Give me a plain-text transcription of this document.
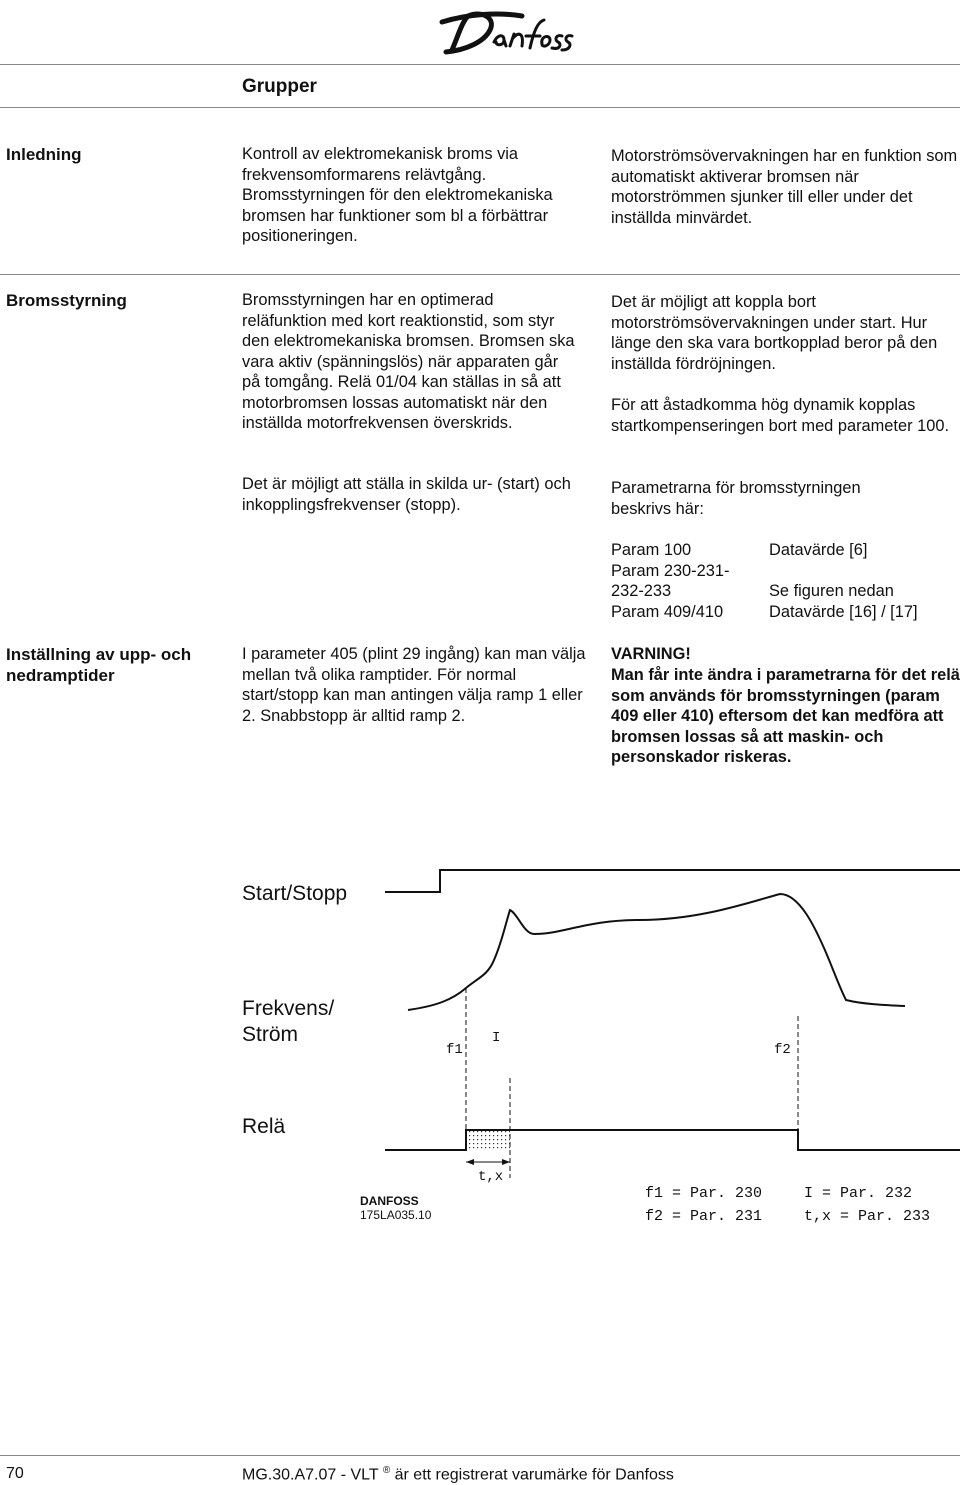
Grupper

Inledning	Kontroll av elektromekanisk broms via frekvensomformarens relävtgång. Bromsstyrningen för den elektromekaniska bromsen har funktioner som bl a förbättrar positioneringen.

Motorströmsövervakningen har en funktion som automatiskt aktiverar bromsen när motorströmmen sjunker till eller under det inställda minvärdet.

Bromsstyrning	Bromsstyrningen har en optimerad reläfunktion med kort reaktionstid, som styr den elektromekaniska bromsen. Bromsen ska vara aktiv (spänningslös) när apparaten går på tomgång. Relä 01/04 kan ställas in så att motorbromsen lossas automatiskt när den inställda motorfrekvensen överskrids.

Det är möjligt att ställa in skilda ur- (start) och inkopplingsfrekvenser (stopp).

Det är möjligt att koppla bort motorströmsövervakningen under start. Hur länge den ska vara bortkopplad beror på den inställda fördröjningen.

För att åstadkomma hög dynamik kopplas startkompenseringen bort med parameter 100.

Parametrarna för bromsstyrningen beskrivs här:

Param 100	Datavärde [6]
Param 230-231-	
232-233	Se figuren nedan
Param 409/410	Datavärde [16] / [17]

Inställning av upp- och
nedramptider

I parameter 405 (plint 29 ingång) kan man välja mellan två olika ramptider. För normal start/stopp kan man antingen välja ramp 1 eller 2. Snabbstopp är alltid ramp 2.

VARNING!

Man får inte ändra i parametrarna för det relä som används för bromsstyrningen (param 409 eller 410) eftersom det kan medföra att bromsen lossas så att maskin- och personskador riskeras.

Start/Stopp
Frekvens/
Ström
Relä
f1
I
f2
t,x
DANFOSS
175LA035.10
f1 = Par. 230
f2 = Par. 231
I = Par. 232
t,x = Par. 233

70	MG.30.A7.07 - VLT ® är ett registrerat varumärke för Danfoss
